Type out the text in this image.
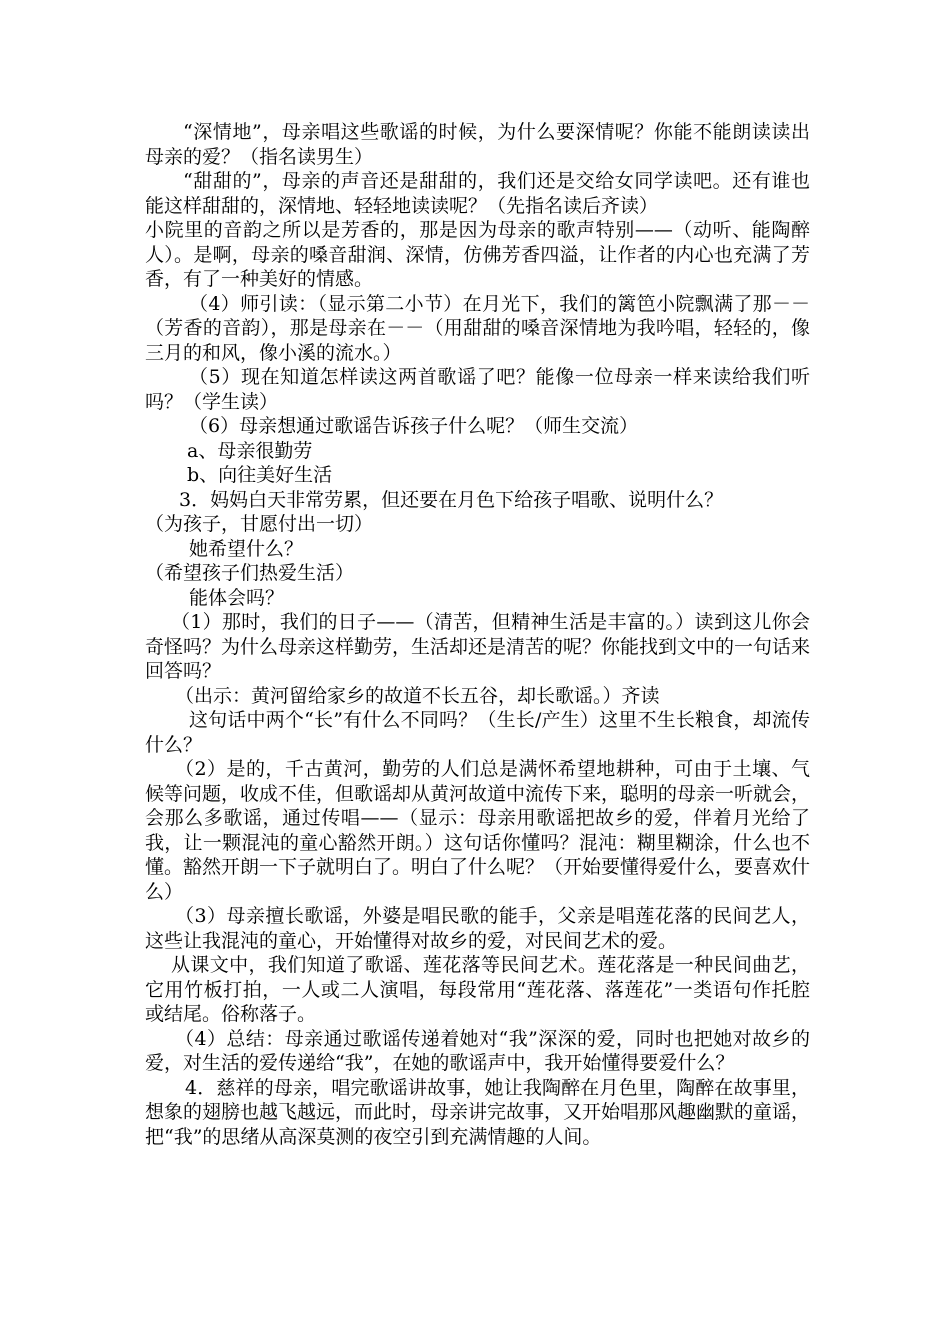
“深情地”，母亲唱这些歌谣的时候，为什么要深情呢？你能不能朗读读出母亲的爱？（指名读男生）

“甜甜的”，母亲的声音还是甜甜的，我们还是交给女同学读吧。还有谁也能这样甜甜的，深情地、轻轻地读读呢？（先指名读后齐读）

小院里的音韵之所以是芳香的，那是因为母亲的歌声特别——（动听、能陶醉人）。是啊，母亲的嗓音甜润、深情，仿佛芳香四溢，让作者的内心也充满了芳香，有了一种美好的情感。

（4）师引读：（显示第二小节）在月光下，我们的篱笆小院飘满了那－－（芳香的音韵），那是母亲在－－（用甜甜的嗓音深情地为我吟唱，轻轻的，像三月的和风，像小溪的流水。）

（5）现在知道怎样读这两首歌谣了吧？能像一位母亲一样来读给我们听吗？（学生读）

（6）母亲想通过歌谣告诉孩子什么呢？（师生交流）

a、母亲很勤劳

b、向往美好生活

3．妈妈白天非常劳累，但还要在月色下给孩子唱歌、说明什么？

（为孩子，甘愿付出一切）

她希望什么？

（希望孩子们热爱生活）

能体会吗？

（1）那时，我们的日子——（清苦，但精神生活是丰富的。）读到这儿你会奇怪吗？为什么母亲这样勤劳，生活却还是清苦的呢？你能找到文中的一句话来回答吗？

（出示：黄河留给家乡的故道不长五谷，却长歌谣。）齐读

这句话中两个“长”有什么不同吗？（生长/产生）这里不生长粮食，却流传什么？

（2）是的，千古黄河，勤劳的人们总是满怀希望地耕种，可由于土壤、气候等问题，收成不佳，但歌谣却从黄河故道中流传下来，聪明的母亲一听就会，会那么多歌谣，通过传唱——（显示：母亲用歌谣把故乡的爱，伴着月光给了我，让一颗混沌的童心豁然开朗。）这句话你懂吗？混沌：糊里糊涂，什么也不懂。豁然开朗一下子就明白了。明白了什么呢？（开始要懂得爱什么，要喜欢什么）

（3）母亲擅长歌谣，外婆是唱民歌的能手，父亲是唱莲花落的民间艺人，这些让我混沌的童心，开始懂得对故乡的爱，对民间艺术的爱。

从课文中，我们知道了歌谣、莲花落等民间艺术。莲花落是一种民间曲艺，它用竹板打拍，一人或二人演唱，每段常用“莲花落、落莲花”一类语句作托腔或结尾。俗称落子。

（4）总结：母亲通过歌谣传递着她对“我”深深的爱，同时也把她对故乡的爱，对生活的爱传递给“我”，在她的歌谣声中，我开始懂得要爱什么？

4．慈祥的母亲，唱完歌谣讲故事，她让我陶醉在月色里，陶醉在故事里，想象的翅膀也越飞越远，而此时，母亲讲完故事，又开始唱那风趣幽默的童谣，把“我”的思绪从高深莫测的夜空引到充满情趣的人间。
